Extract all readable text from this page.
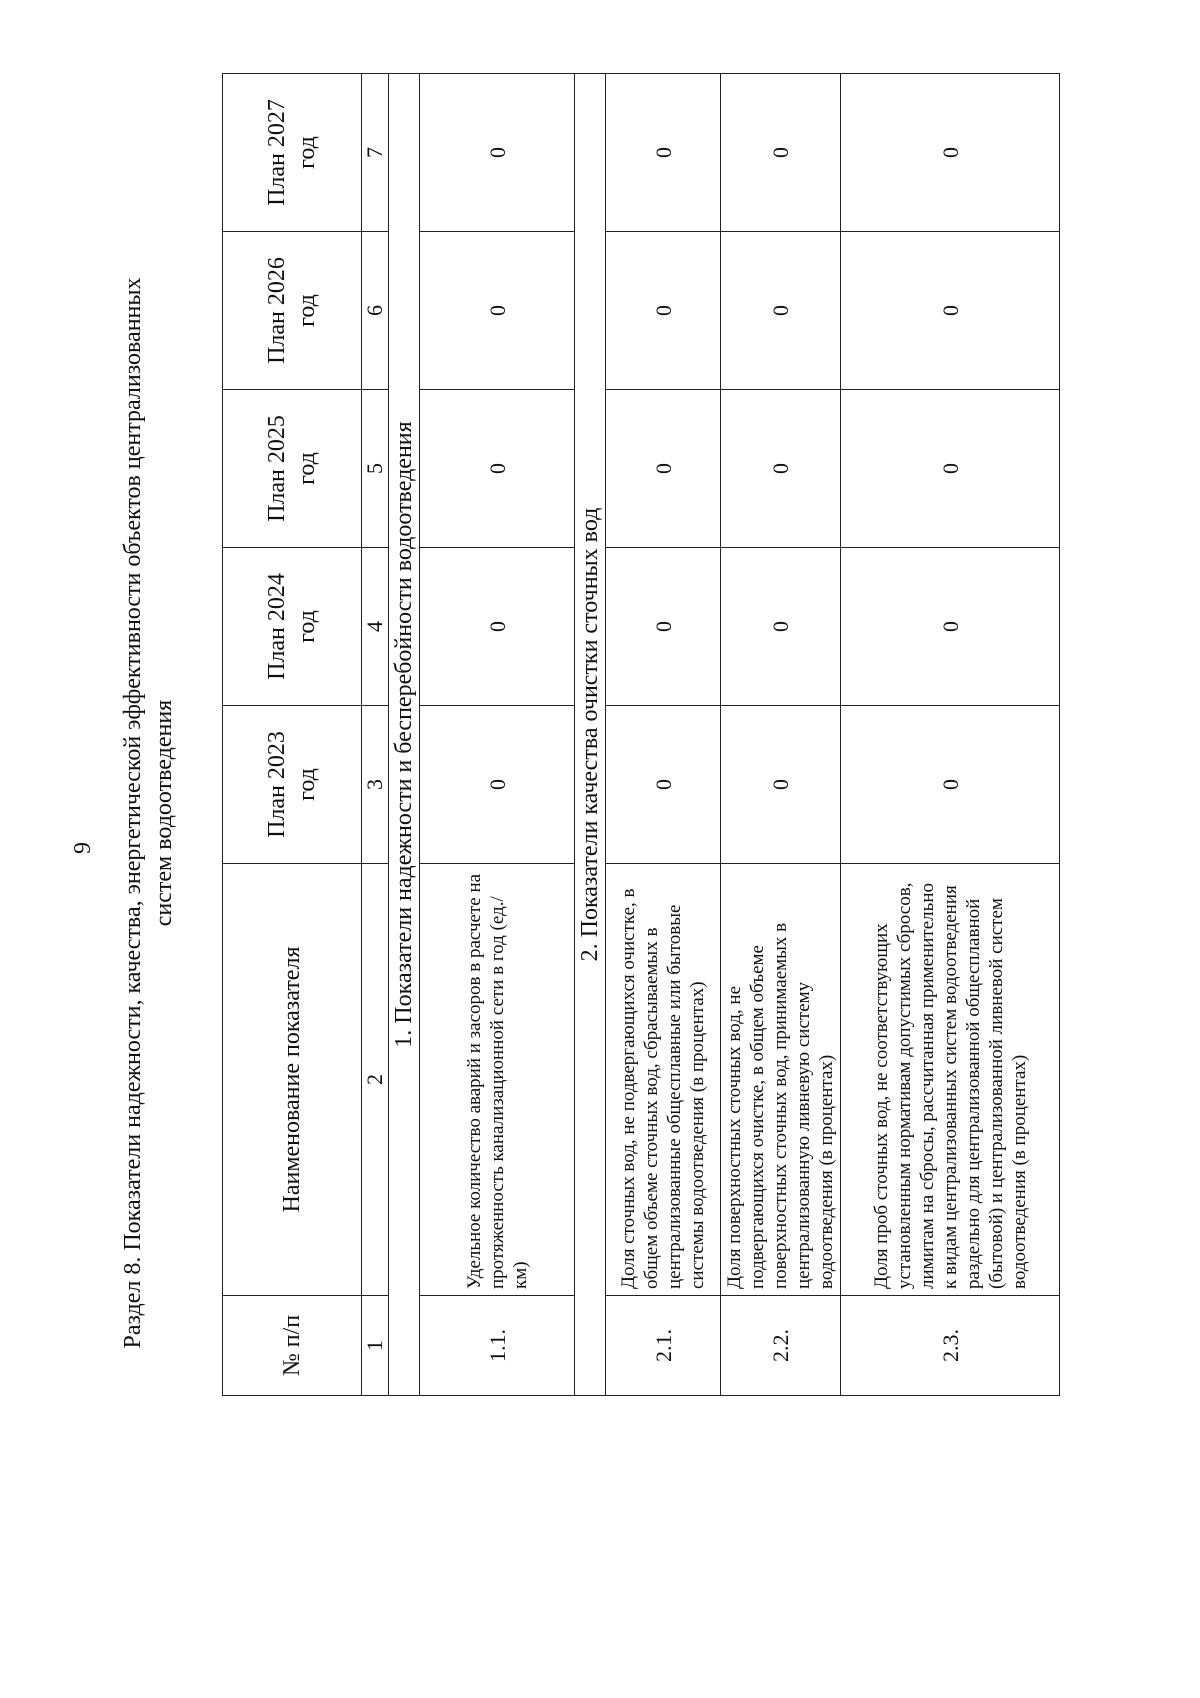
9 Раздел 8. Показатели надежности, качества, энергетической эффективности объектов централизованных систем водоотведения
№ п/п	Наименование показателя	План 2023 год	План 2024 год	План 2025 год	План 2026 год	План 2027 год
1	2	3	4	5	6	7
1. Показатели надежности и бесперебойности водоотведения						
1.1.	Удельное количество аварий и засоров в расчете на протяженность канализационной сети в год (ед./км)	0	0	0	0	0
2. Показатели качества очистки сточных вод						
2.1.	Доля сточных вод, не подвергающихся очистке, в общем объеме сточных вод, сбрасываемых в централизованные общесплавные или бытовые системы водоотведения (в процентах)	0	0	0	0	0
2.2.	Доля поверхностных сточных вод, не подвергающихся очистке, в общем объеме поверхностных сточных вод, принимаемых в централизованную ливневую систему водоотведения (в процентах)	0	0	0	0	0
2.3.	Доля проб сточных вод, не соответствующих установленным нормативам допустимых сбросов, лимитам на сбросы, рассчитанная применительно к видам централизованных систем водоотведения раздельно для централизованной общесплавной (бытовой) и централизованной ливневой систем водоотведения (в процентах)	0	0	0	0	0
